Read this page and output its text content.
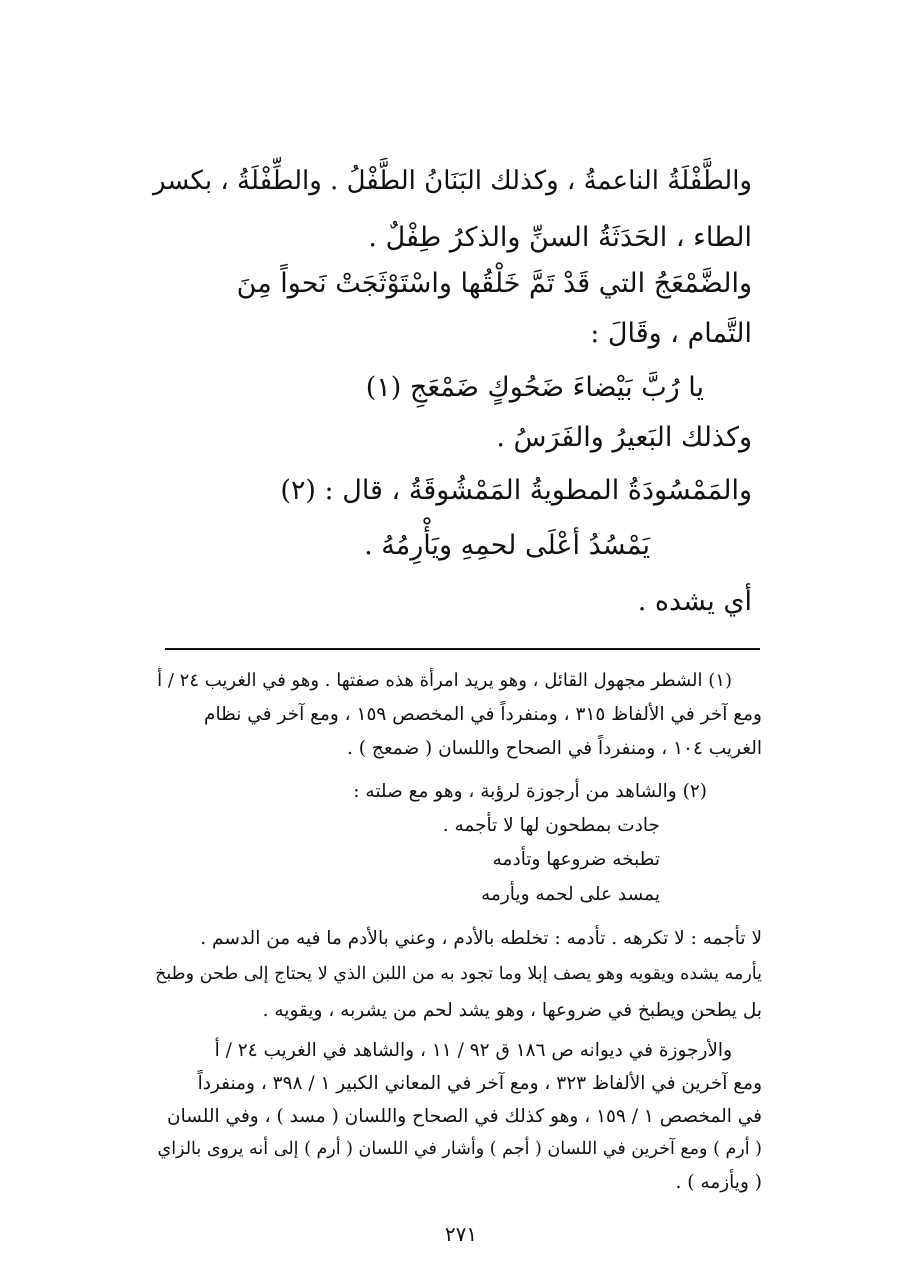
والطَّفْلَةُ الناعمةُ ، وكذلك البَنَانُ الطَّفْلُ . والطِّفْلَةُ ، بكسر
الطاء ، الحَدَثَةُ السنِّ والذكرُ طِفْلٌ .
والضَّمْعَجُ التي قَدْ تَمَّ خَلْقُها واسْتَوْثَجَتْ نَحواً مِنَ
التَّمام ، وقَالَ :
يا رُبَّ بَيْضاءَ ضَحُوكٍ ضَمْعَجِ (١)
وكذلك البَعيرُ والفَرَسُ .
والمَمْسُودَةُ المطويةُ المَمْشُوقَةُ ، قال : (٢)
يَمْسُدُ أعْلَى لحمِهِ ويَأْرِمُهُ .
أي يشده .
(١) الشطر مجهول القائل ، وهو يريد امرأة هذه صفتها . وهو في الغريب ٢٤ / أ
ومع آخر في الألفاظ ٣١٥ ، ومنفرداً في المخصص ١٥٩ ، ومع آخر في نظام
الغريب ١٠٤ ، ومنفرداً في الصحاح واللسان ( ضمعج ) .
(٢) والشاهد من أرجوزة لرؤبة ، وهو مع صلته :
جادت بمطحون لها لا تأجمه .
تطبخه ضروعها وتأدمه
يمسد على لحمه ويأرمه
لا تأجمه : لا تكرهه . تأدمه : تخلطه بالأدم ، وعني بالأدم ما فيه من الدسم .
يأرمه يشده ويقويه وهو يصف إبلا وما تجود به من اللبن الذي لا يحتاج إلى طحن وطبخ
بل يطحن ويطبخ في ضروعها ، وهو يشد لحم من يشربه ، ويقويه .
والأرجوزة في ديوانه ص ١٨٦ ق ٩٢ / ١١ ، والشاهد في الغريب ٢٤ / أ
ومع آخرين في الألفاظ ٣٢٣ ، ومع آخر في المعاني الكبير ١ / ٣٩٨ ، ومنفرداً
في المخصص ١ / ١٥٩ ، وهو كذلك في الصحاح واللسان ( مسد ) ، وفي اللسان
( أرم ) ومع آخرين في اللسان ( أجم ) وأشار في اللسان ( أرم ) إلى أنه يروى بالزاي
( ويأزمه ) .
٢٧١
